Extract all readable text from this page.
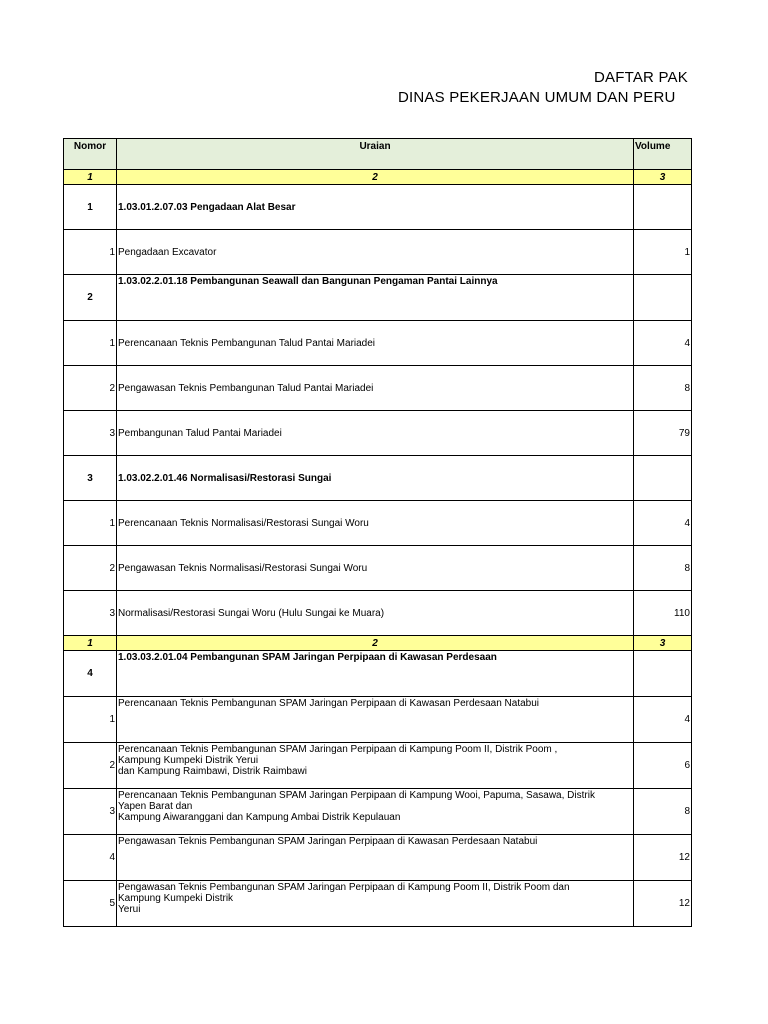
DAFTAR PAK
DINAS PEKERJAAN UMUM DAN PERU
Nomor	Uraian	Volume
1	2	3
1	1.03.01.2.07.03 Pengadaan Alat Besar	
1	Pengadaan Excavator	1
2	1.03.02.2.01.18 Pembangunan Seawall dan Bangunan Pengaman Pantai Lainnya	
1	Perencanaan Teknis Pembangunan Talud Pantai Mariadei	4
2	Pengawasan Teknis Pembangunan Talud Pantai Mariadei	8
3	Pembangunan Talud Pantai Mariadei	79
3	1.03.02.2.01.46 Normalisasi/Restorasi Sungai	
1	Perencanaan Teknis Normalisasi/Restorasi Sungai Woru	4
2	Pengawasan Teknis Normalisasi/Restorasi Sungai Woru	8
3	Normalisasi/Restorasi Sungai Woru (Hulu Sungai ke Muara)	110
1	2	3
4	1.03.03.2.01.04 Pembangunan SPAM Jaringan Perpipaan di Kawasan Perdesaan	
1	Perencanaan Teknis Pembangunan SPAM Jaringan Perpipaan di Kawasan Perdesaan Natabui	4
2	Perencanaan Teknis Pembangunan SPAM Jaringan Perpipaan di Kampung Poom II, Distrik Poom ,
Kampung Kumpeki Distrik Yerui
dan Kampung Raimbawi, Distrik Raimbawi	6
3	Perencanaan Teknis Pembangunan SPAM Jaringan Perpipaan di Kampung Wooi, Papuma, Sasawa, Distrik
Yapen Barat dan
Kampung Aiwaranggani dan Kampung Ambai Distrik Kepulauan	8
4	Pengawasan Teknis Pembangunan SPAM Jaringan Perpipaan di Kawasan Perdesaan Natabui	12
5	Pengawasan Teknis Pembangunan SPAM Jaringan Perpipaan di Kampung Poom II, Distrik Poom dan
Kampung Kumpeki Distrik
Yerui	12
